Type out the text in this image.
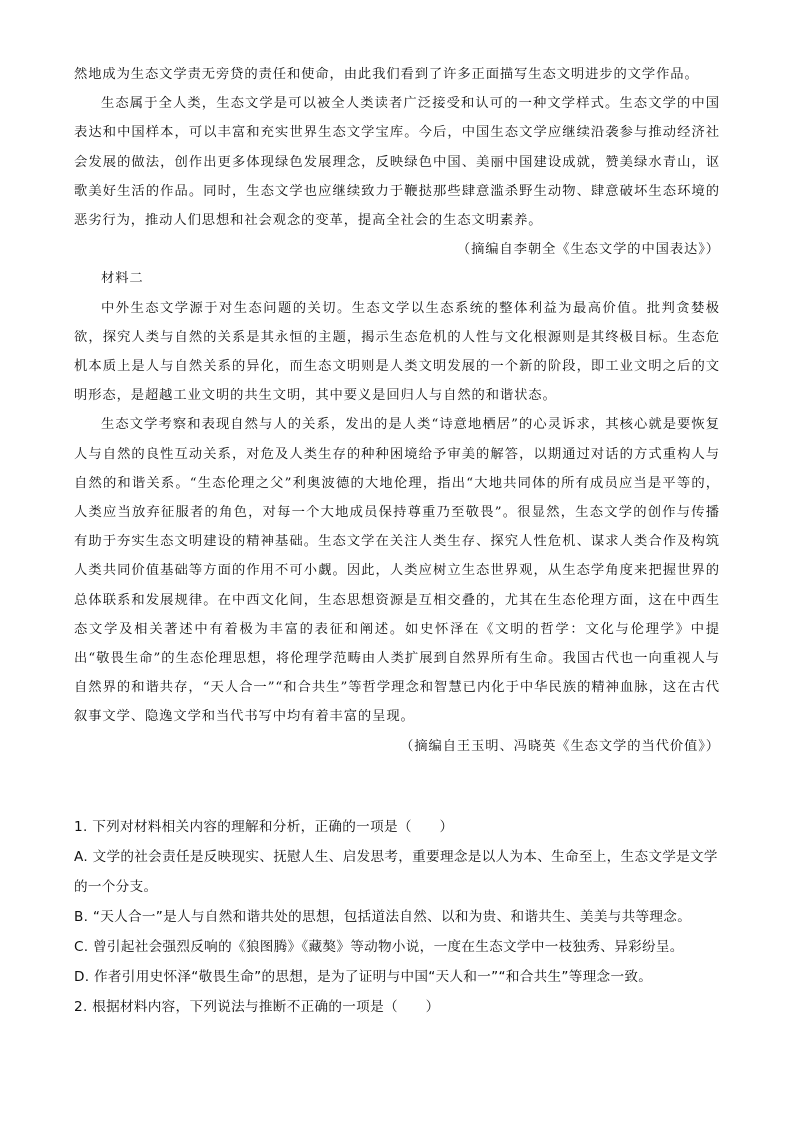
然地成为生态文学责无旁贷的责任和使命，由此我们看到了许多正面描写生态文明进步的文学作品。

生态属于全人类，生态文学是可以被全人类读者广泛接受和认可的一种文学样式。生态文学的中国表达和中国样本，可以丰富和充实世界生态文学宝库。今后，中国生态文学应继续沿袭参与推动经济社会发展的做法，创作出更多体现绿色发展理念，反映绿色中国、美丽中国建设成就，赞美绿水青山，讴歌美好生活的作品。同时，生态文学也应继续致力于鞭挞那些肆意滥杀野生动物、肆意破坏生态环境的恶劣行为，推动人们思想和社会观念的变革，提高全社会的生态文明素养。

（摘编自李朝全《生态文学的中国表达》）

材料二

中外生态文学源于对生态问题的关切。生态文学以生态系统的整体利益为最高价值。批判贪婪极欲，探究人类与自然的关系是其永恒的主题，揭示生态危机的人性与文化根源则是其终极目标。生态危机本质上是人与自然关系的异化，而生态文明则是人类文明发展的一个新的阶段，即工业文明之后的文明形态，是超越工业文明的共生文明，其中要义是回归人与自然的和谐状态。

生态文学考察和表现自然与人的关系，发出的是人类“诗意地栖居”的心灵诉求，其核心就是要恢复人与自然的良性互动关系，对危及人类生存的种种困境给予审美的解答，以期通过对话的方式重构人与自然的和谐关系。“生态伦理之父”利奥波德的大地伦理，指出“大地共同体的所有成员应当是平等的，人类应当放弃征服者的角色，对每一个大地成员保持尊重乃至敬畏”。很显然，生态文学的创作与传播有助于夯实生态文明建设的精神基础。生态文学在关注人类生存、探究人性危机、谋求人类合作及构筑人类共同价值基础等方面的作用不可小觑。因此，人类应树立生态世界观，从生态学角度来把握世界的总体联系和发展规律。在中西文化间，生态思想资源是互相交叠的，尤其在生态伦理方面，这在中西生态文学及相关著述中有着极为丰富的表征和阐述。如史怀泽在《文明的哲学：文化与伦理学》中提出“敬畏生命”的生态伦理思想，将伦理学范畴由人类扩展到自然界所有生命。我国古代也一向重视人与自然界的和谐共存，“天人合一”“和合共生”等哲学理念和智慧已内化于中华民族的精神血脉，这在古代叙事文学、隐逸文学和当代书写中均有着丰富的呈现。

（摘编自王玉明、冯晓英《生态文学的当代价值》）

1. 下列对材料相关内容的理解和分析，正确的一项是（　　）

A. 文学的社会责任是反映现实、抚慰人生、启发思考，重要理念是以人为本、生命至上，生态文学是文学的一个分支。

B. “天人合一”是人与自然和谐共处的思想，包括道法自然、以和为贵、和谐共生、美美与共等理念。

C. 曾引起社会强烈反响的《狼图腾》《藏獒》等动物小说，一度在生态文学中一枝独秀、异彩纷呈。

D. 作者引用史怀泽“敬畏生命”的思想，是为了证明与中国“天人和一”“和合共生”等理念一致。

2. 根据材料内容，下列说法与推断不正确的一项是（　　）
